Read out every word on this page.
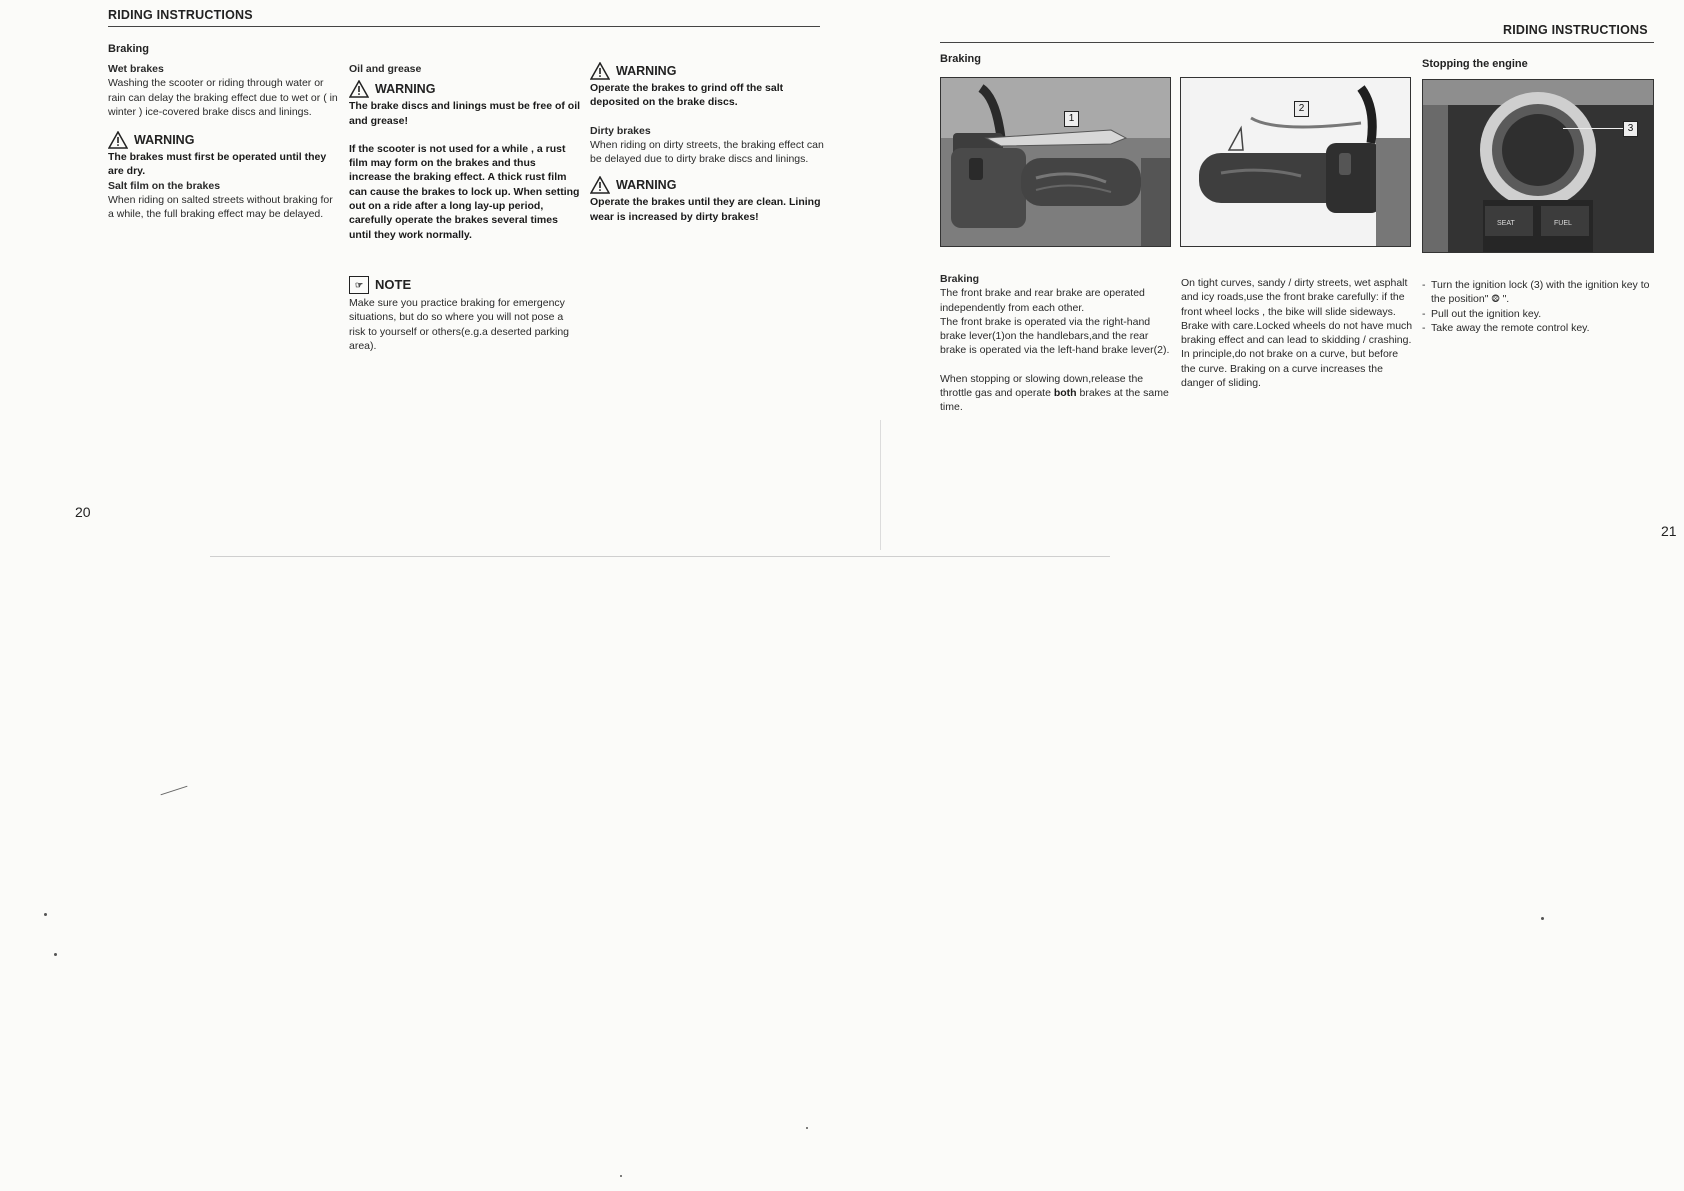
RIDING INSTRUCTIONS
Braking

Wet brakes

Washing the scooter or riding through water or rain can delay the braking effect due to wet or ( in winter ) ice-covered brake discs and linings.

WARNING

The brakes must first be operated until they are dry.

Salt film on the brakes

When riding on salted streets without braking for a while, the full braking effect may be delayed.

Oil and grease

WARNING

The brake discs and linings must be free of oil and grease!

If the scooter is not used for a while , a rust film may form on the brakes and thus increase the braking effect. A thick rust film can cause the brakes to lock up. When setting out on a ride after a long lay-up period, carefully operate the brakes several times until they work normally.

☞ NOTE

Make sure you practice braking for emergency situations, but do so where you will not pose a risk to yourself or others(e.g.a deserted parking area).

WARNING

Operate the brakes to grind off the salt deposited on the brake discs.

Dirty brakes

When riding on dirty streets, the braking effect can be delayed due to dirty brake discs and linings.

WARNING

Operate the brakes until they are clean. Lining wear is increased by dirty brakes!

20
RIDING INSTRUCTIONS
Braking	Stopping the engine
1
2
SEAT	FUEL
3

Braking

The front brake and rear brake are operated independently from each other.

The front brake is operated via the right-hand brake lever(1)on the handlebars,and the rear brake is operated via the left-hand brake lever(2).

When stopping or slowing down,release the throttle gas and operate both brakes at the same time.

On tight curves, sandy / dirty streets, wet asphalt and icy roads,use the front brake carefully: if the front wheel locks , the bike will slide sideways. Brake with care.Locked wheels do not have much braking effect and can lead to skidding / crashing. In principle,do not brake on a curve, but before the curve. Braking on a curve increases the danger of sliding.

- Turn the ignition lock (3) with the ignition key to the position" ⨷ ".
- Pull out the ignition key.
- Take away the remote control key.
21
